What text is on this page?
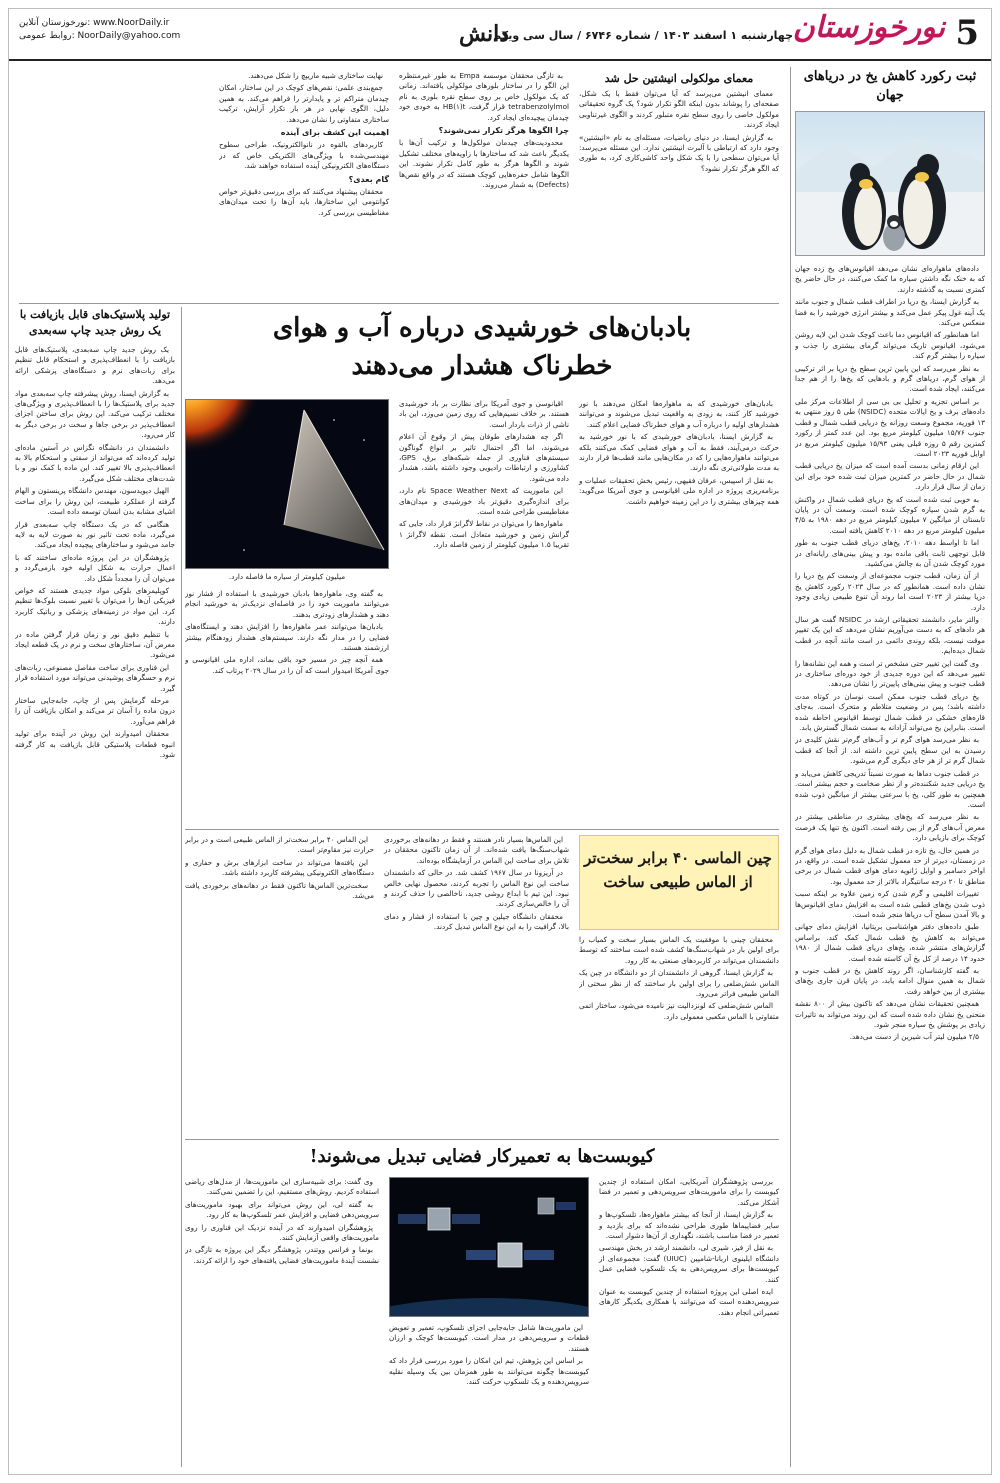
5
نورخوزستان
چهارشنبه ۱ اسفند ۱۴۰۳ / شماره ۶۷۴۶ / سال سی ویکم
دانش
نورخوزستان آنلاین: www.NoorDaily.ir
روابط عمومی: NoorDaily@yahoo.com
ثبت رکورد کاهش یخ در دریاهای جهان

داده‌های ماهواره‌ای نشان می‌دهد اقیانوس‌های یخ زده جهان که به خنک نگه داشتن سیاره ما کمک می‌کنند، در حال حاضر یخ کمتری نسبت به گذشته دارند.

به گزارش ایسنا، یخ دریا در اطراف قطب شمال و جنوب مانند یک آینه غول پیکر عمل می‌کند و بیشتر انرژی خورشید را به فضا منعکس می‌کند.

اما همانطور که اقیانوس دما باعث کوچک شدن این لایه روشن می‌شود، اقیانوس تاریک می‌تواند گرمای بیشتری را جذب و سیاره را بیشتر گرم کند.

به نظر می‌رسد که این پایین ترین سطح یخ دریا بر اثر ترکیبی از هوای گرم، دریاهای گرم و بادهایی که یخ‌ها را از هم جدا می‌کنند، ایجاد شده است.

بر اساس تجزیه و تحلیل بی بی سی از اطلاعات مرکز ملی داده‌های برف و یخ ایالات متحده (NSIDC) طی ۵ روز منتهی به ۱۳ فوریه، مجموع وسعت روزانه یخ دریایی قطب شمال و قطب جنوب ۱۵/۷۶ میلیون کیلومتر مربع بود. این عدد کمتر از رکورد کمترین رقم ۵ روزه قبلی یعنی ۱۵/۹۳ میلیون کیلومتر مربع در اوایل فوریه ۲۰۲۳ است.

این ارقام زمانی بدست آمده است که میزان یخ دریایی قطب شمال در حال حاضر در کمترین میزان ثبت شده خود برای این زمان از سال قرار دارد.

به خوبی ثبت شده است که یخ دریای قطب شمال در واکنش به گرم شدن سیاره کوچک شده است. وسعت آن در پایان تابستان از میانگین ۷ میلیون کیلومتر مربع در دهه ۱۹۸۰ به ۴/۵ میلیون کیلومتر مربع در دهه ۲۰۱۰ کاهش یافته است.

اما تا اواسط دهه ۲۰۱۰، یخ‌های دریای قطب جنوب به طور قابل توجهی ثابت باقی مانده بود و پیش بینی‌های رایانه‌ای در مورد کوچک شدن آن به چالش می‌کشید.

از آن زمان، قطب جنوب مجموعه‌ای از وسعت کم یخ دریا را نشان داده است. همانطور که در سال ۲۰۲۳ رکورد کاهش یخ دریا بیشتر از ۲۰۲۳ است اما روند آن تنوع طبیعی زیادی وجود دارد.

والتر مایر، دانشمند تحقیقاتی ارشد در NSIDC گفت هر سال هر دادهای که به دست می‌آوریم نشان می‌دهد که این یک تغییر موقت نیست، بلکه روندی دائمی در است مانند آنچه در قطب شمال دیده‌ایم.

وی گفت این تغییر حتی مشخص تر است و همه این نشانه‌ها را تغییر می‌دهد که این دوره جدیدی از خود دوره‌ای ساختاری در قطب جنوب و پیش بینی‌های پایین‌تر را نشان می‌دهد.

یخ دریای قطب جنوب ممکن است نوسان در کوتاه مدت داشته باشد؛ پس در وضعیت متلاطم و متحرک است. به‌جای قاره‌های خشکی در قطب شمال توسط اقیانوس احاطه شده است. بنابراین یخ می‌تواند آزادانه به سمت شمال گسترش یابد.

به نظر می‌رسد هوای گرم تر و آب‌های گرم‌تر نقش کلیدی در رسیدن به این سطح پایین ترین داشته اند. از آنجا که قطب شمال گرم تر از هر جای دیگری گرم می‌شود.

در قطب جنوب دماها به صورت نسبتاً تدریجی کاهش می‌یابد و یخ دریایی جدید شکننده‌تر و از نظر ضخامت و حجم بیشتر است. همچنین به طور کلی، یخ با سرعتی بیشتر از میانگین ذوب شده است.

به نظر می‌رسد که یخ‌های بیشتری در مناطقی بیشتر در معرض آب‌های گرم از بین رفته است. اکنون یخ تنها یک فرصت کوچک برای بازیابی دارد.

در همین حال، یخ تازه در قطب شمال به دلیل دمای هوای گرم در زمستان، دیرتر از حد معمول تشکیل شده است. در واقع، در اواخر دسامبر و اوایل ژانویه دمای هوای قطب شمال در برخی مناطق تا ۲۰ درجه سانتیگراد بالاتر از حد معمول بود.

تغییرات اقلیمی و گرم شدن کره زمین علاوه بر اینکه سبب ذوب شدن یخ‌های قطبی شده است به افزایش دمای اقیانوس‌ها و بالا آمدن سطح آب دریاها منجر شده است.

طبق داده‌های دفتر هواشناسی بریتانیا، افزایش دمای جهانی می‌تواند به کاهش یخ قطب شمال کمک کند. براساس گزارش‌های منتشر شده، یخ‌های دریای قطب شمال از ۱۹۸۰ حدود ۱۴ درصد از کل یخ آن کاسته شده است.

به گفته کارشناسان، اگر روند کاهش یخ در قطب جنوب و شمال به همین منوال ادامه یابد، در پایان قرن جاری یخ‌های بیشتری از بین خواهد رفت.

همچنین تحقیقات نشان می‌دهد که تاکنون بیش از ۸۰۰ نقشه منحنی یخ نشان داده شده است که این روند می‌تواند به تاثیرات زیادی بر پوشش یخ سیاره منجر شود.

۲/۵ میلیون لیتر آب شیرین از دست می‌دهد.

معمای مولکولی انیشتین حل شد

معمای انیشتین می‌پرسد که آیا می‌توان فقط با یک شکل، صفحه‌ای را پوشاند بدون اینکه الگو تکرار شود؟ یک گروه تحقیقاتی مولکول خاصی را روی سطح نقره متبلور کردند و الگوی غیرتناوبی ایجاد کردند.

به گزارش ایسنا، در دنیای ریاضیات، مسئله‌ای به نام «انیشتین» وجود دارد که ارتباطی با آلبرت انیشتین ندارد. این مسئله می‌پرسد: آیا می‌توان سطحی را با یک شکل واحد کاشی‌کاری کرد، به طوری که الگو هرگز تکرار نشود؟

به تازگی محققان موسسه Empa به طور غیرمنتظره این الگو را در ساختار بلورهای مولکولی یافته‌اند. زمانی که یک مولکول خاص بر روی سطح نقره بلوری به نام tetrabenzolylmol قرار گرفت، HB(۱)t به خودی خود چیدمان پیچیده‌ای ایجاد کرد.

چرا الگوها هرگز تکرار نمی‌شوند؟

محدودیت‌های چیدمان مولکول‌ها و ترکیب آن‌ها با یکدیگر باعث شد که ساختارها با زاویه‌های مختلف تشکیل شوند و الگوها هرگز به طور کامل تکرار نشوند. این الگوها شامل حفره‌هایی کوچک هستند که در واقع نقص‌ها (Defects) به شمار می‌روند.

نهایت ساختاری شبیه ماریپچ را شکل می‌دهند.

جمع‌بندی علمی: نقص‌های کوچک در این ساختار، امکان چیدمان متراکم تر و پایدارتر را فراهم می‌کند. به همین دلیل، الگوی نهایی در هر بار تکرار آرایش، ترکیب ساختاری متفاوتی را نشان می‌دهد.

اهمیت این کشف برای آینده

کاربردهای بالقوه در نانوالکترونیک، طراحی سطوح مهندسی‌شده با ویژگی‌های الکتریکی خاص که در دستگاه‌های الکترونیکی آینده استفاده خواهند شد.

گام بعدی؟

محققان پیشنهاد می‌کنند که برای بررسی دقیق‌تر خواص کوانتومی این ساختارها، باید آن‌ها را تحت میدان‌های مغناطیسی بررسی کرد.

تولید پلاستیک‌های قابل بازیافت با یک روش جدید چاپ سه‌بعدی

یک روش جدید چاپ سه‌بعدی، پلاستیک‌های قابل بازیافت را با انعطاف‌پذیری و استحکام قابل تنظیم برای ربات‌های نرم و دستگاه‌های پزشکی ارائه می‌دهد.

به گزارش ایسنا، روش پیشرفته چاپ سه‌بعدی مواد جدید برای پلاستیک‌ها را با انعطاف‌پذیری و ویژگی‌های مختلف ترکیب می‌کند. این روش برای ساختن اجزای انعطاف‌پذیر در برخی جاها و سخت در برخی دیگر به کار می‌رود.

دانشمندان در دانشگاه تگزاس در آستین ماده‌ای تولید کرده‌اند که می‌تواند از سفتی و استحکام بالا به انعطاف‌پذیری بالا تغییر کند. این ماده با کمک نور و با شدت‌های مختلف شکل می‌گیرد.

الهیل دیویدسون، مهندس دانشگاه پرینستون و الهام گرفته از عملکرد طبیعت، این روش را برای ساخت اشیای مشابه بدن انسان توسعه داده است.

هنگامی که در یک دستگاه چاپ سه‌بعدی قرار می‌گیرد، ماده تحت تاثیر نور به صورت لایه به لایه جامد می‌شود و ساختارهای پیچیده ایجاد می‌کند.

پژوهشگران در این پروژه ماده‌ای ساختند که با اعمال حرارت به شکل اولیه خود بازمی‌گردد و می‌توان آن را مجدداً شکل داد.

کوپلیمرهای بلوکی مواد جدیدی هستند که خواص فیزیکی آن‌ها را می‌توان با تغییر نسبت بلوک‌ها تنظیم کرد. این مواد در زمینه‌های پزشکی و رباتیک کاربرد دارند.

با تنظیم دقیق نور و زمان قرار گرفتن ماده در معرض آن، ساختارهای سخت و نرم در یک قطعه ایجاد می‌شود.

این فناوری برای ساخت مفاصل مصنوعی، ربات‌های نرم و حسگرهای پوشیدنی می‌تواند مورد استفاده قرار گیرد.

مرحله گرمایش پس از چاپ، جابه‌جایی ساختار درون ماده را آسان تر می‌کند و امکان بازیافت آن را فراهم می‌آورد.

محققان امیدوارند این روش در آینده برای تولید انبوه قطعات پلاستیکی قابل بازیافت به کار گرفته شود.

بادبان‌های خورشیدی درباره آب و هوای
خطرناک هشدار می‌دهند

بادبان‌های خورشیدی که به ماهواره‌ها امکان می‌دهند با نور خورشید کار کنند، به زودی به واقعیت تبدیل می‌شوند و می‌توانند هشدارهای اولیه را درباره آب و هوای خطرناک فضایی اعلام کنند.

به گزارش ایسنا، بادبان‌های خورشیدی که با نور خورشید به حرکت درمی‌آیند، فقط به آب و هوای فضایی کمک می‌کنند بلکه می‌توانند ماهواره‌هایی را که در مکان‌هایی مانند قطب‌ها قرار دارند به مدت طولانی‌تری نگه دارند.

به نقل از اسپیس، عرفان فقیهی، رئیس بخش تحقیقات عملیات و برنامه‌ریزی پروژه در اداره ملی اقیانوسی و جوی آمریکا می‌گوید: همه چیزهای بیشتری را در این زمینه خواهیم داشت.

اقیانوسی و جوی آمریکا برای نظارت بر باد خورشیدی هستند. بر خلاف نسیم‌هایی که روی زمین می‌وزد، این باد ناشی از ذرات باردار است.

اگر چه هشدارهای طوفان پیش از وقوع آن اعلام می‌شوند، اما اگر احتمال تاثیر بر انواع گوناگون سیستم‌های فناوری از جمله شبکه‌های برق، GPS، کشاورزی و ارتباطات رادیویی وجود داشته باشد، هشدار داده می‌شود.

این ماموریت که Space Weather Next نام دارد، برای اندازه‌گیری دقیق‌تر باد خورشیدی و میدان‌های مغناطیسی طراحی شده است.

ماهواره‌ها را می‌توان در نقاط لاگرانژ قرار داد، جایی که گرانش زمین و خورشید متعادل است. نقطه لاگرانژ ۱ تقریبا ۱.۵ میلیون کیلومتر از زمین فاصله دارد.

میلیون کیلومتر از سیاره ما فاصله دارد.

به گفته وی، ماهواره‌ها بادبان خورشیدی با استفاده از فشار نور می‌توانند ماموریت خود را در فاصله‌ای نزدیک‌تر به خورشید انجام دهند و هشدارهای زودتری بدهند.

بادبان‌ها می‌توانند عمر ماهواره‌ها را افزایش دهند و ایستگاه‌های فضایی را در مدار نگه دارند. سیستم‌های هشدار زودهنگام بیشتر ارزشمند هستند.

همه آنچه چیز در مسیر خود باقی بماند، اداره ملی اقیانوسی و جوی آمریکا امیدوار است که آن را در سال ۲۰۲۹ پرتاب کند.

چین الماسی ۴۰ برابر سخت‌تر از الماس طبیعی ساخت

محققان چینی با موفقیت یک الماس بسیار سخت و کمیاب را برای اولین بار در شهاب‌سنگ‌ها کشف شده است ساختند که توسط دانشمندان می‌تواند در کاربردهای صنعتی به کار رود.

به گزارش ایسنا، گروهی از دانشمندان از دو دانشگاه در چین یک الماس شش‌ضلعی را برای اولین بار ساختند که از نظر سختی از الماس طبیعی فراتر می‌رود.

الماس شش‌ضلعی که لونزدالیت نیز نامیده می‌شود، ساختار اتمی متفاوتی با الماس مکعبی معمولی دارد.

این الماس‌ها بسیار نادر هستند و فقط در دهانه‌های برخوردی شهاب‌سنگ‌ها یافت شده‌اند. از آن زمان تاکنون محققان در تلاش برای ساخت این الماس در آزمایشگاه بوده‌اند.

در آریزونا در سال ۱۹۶۷ کشف شد. در حالی که دانشمندان ساخت این نوع الماس را تجربه کردند، محصول نهایی خالص نبود. این تیم با ابداع روشی جدید، ناخالصی را حذف کردند و آن را خالص‌سازی کردند.

محققان دانشگاه جیلین و چین با استفاده از فشار و دمای بالا، گرافیت را به این نوع الماس تبدیل کردند.

این الماس ۴۰ برابر سخت‌تر از الماس طبیعی است و در برابر حرارت نیز مقاوم‌تر است.

این یافته‌ها می‌تواند در ساخت ابزارهای برش و حفاری و دستگاه‌های الکترونیکی پیشرفته کاربرد داشته باشد.

سخت‌ترین الماس‌ها تاکنون فقط در دهانه‌های برخوردی یافت می‌شد.

کیوبست‌ها به تعمیرکار فضایی تبدیل می‌شوند!

بررسی پژوهشگران آمریکایی، امکان استفاده از چندین کیوبست را برای ماموریت‌های سرویس‌دهی و تعمیر در فضا آشکار می‌کند.

به گزارش ایسنا، از آنجا که بیشتر ماهواره‌ها، تلسکوپ‌ها و سایر فضاپیماها طوری طراحی نشده‌اند که برای بازدید و تعمیر در فضا مناسب باشند، نگهداری از آن‌ها دشوار است.

به نقل از فیز، شیری لی، دانشمند ارشد در بخش مهندسی دانشگاه ایلینوی اربانا-شامپین (UIUC) گفت: مجموعه‌ای از کیوبست‌ها برای سرویس‌دهی به یک تلسکوپ فضایی عمل کنند.

ایده اصلی این پروژه استفاده از چندین کیوبست به عنوان سرویس‌دهنده است که می‌توانند با همکاری یکدیگر کارهای تعمیراتی انجام دهند.

این ماموریت‌ها شامل جابه‌جایی اجزای تلسکوپ، تعمیر و تعویض قطعات و سرویس‌دهی در مدار است. کیوبست‌ها کوچک و ارزان هستند.

بر اساس این پژوهش، تیم این امکان را مورد بررسی قرار داد که کیوبست‌ها چگونه می‌توانند به طور همزمان بین یک وسیله نقلیه سرویس‌دهنده و یک تلسکوپ حرکت کنند.

وی گفت: برای شبیه‌سازی این ماموریت‌ها، از مدل‌های ریاضی استفاده کردیم. روش‌های مستقیم، این را تضمین نمی‌کنند.

به گفته لی، این روش می‌تواند برای بهبود ماموریت‌های سرویس‌دهی فضایی و افزایش عمر تلسکوپ‌ها به کار رود.

پژوهشگران امیدوارند که در آینده نزدیک این فناوری را روی ماموریت‌های واقعی آزمایش کنند.

بونما و فرانس ووتندر، پژوهشگر دیگر این پروژه به تازگی در نشست آیندهٔ ماموریت‌های فضایی یافته‌های خود را ارائه کردند.
